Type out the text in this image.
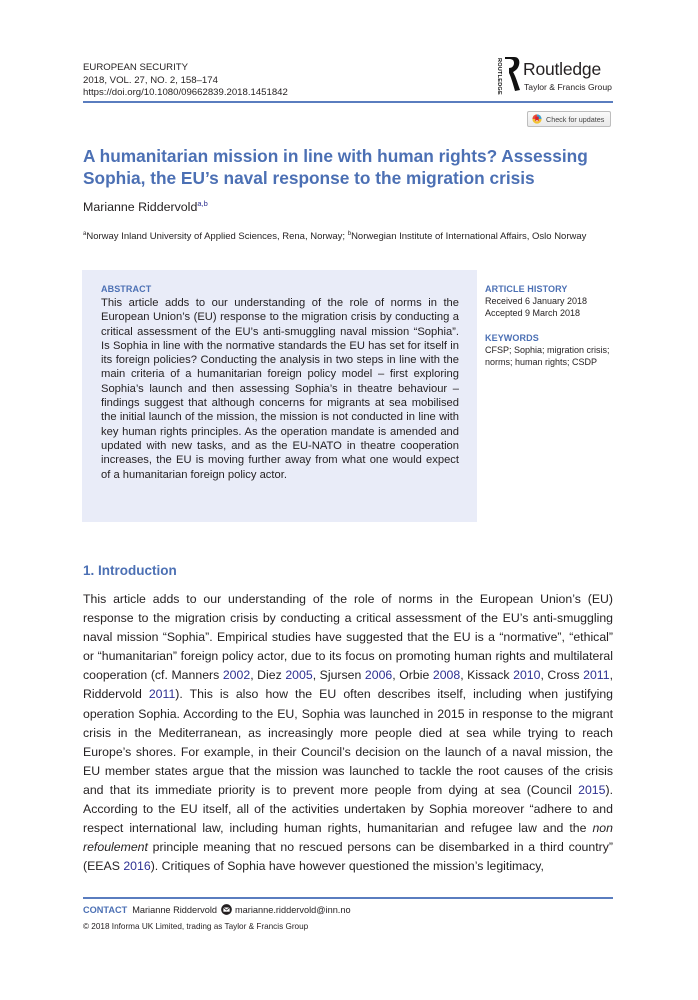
EUROPEAN SECURITY
2018, VOL. 27, NO. 2, 158–174
https://doi.org/10.1080/09662839.2018.1451842	ROUTLEDGE Routledge
Taylor & Francis Group
Check for updates
A humanitarian mission in line with human rights? Assessing Sophia, the EU’s naval response to the migration crisis
Marianne Riddervold$^{a,b}$
$^a$Norway Inland University of Applied Sciences, Rena, Norway; $^b$Norwegian Institute of International Affairs, Oslo Norway
ABSTRACT
This article adds to our understanding of the role of norms in the European Union’s (EU) response to the migration crisis by conducting a critical assessment of the EU’s anti-smuggling naval mission “Sophia”. Is Sophia in line with the normative standards the EU has set for itself in its foreign policies? Conducting the analysis in two steps in line with the main criteria of a humanitarian foreign policy model – first exploring Sophia’s launch and then assessing Sophia’s in theatre behaviour – findings suggest that although concerns for migrants at sea mobilised the initial launch of the mission, the mission is not conducted in line with key human rights principles. As the operation mandate is amended and updated with new tasks, and as the EU-NATO in theatre cooperation increases, the EU is moving further away from what one would expect of a humanitarian foreign policy actor.
ARTICLE HISTORY
Received 6 January 2018
Accepted 9 March 2018
KEYWORDS
CFSP; Sophia; migration crisis; norms; human rights; CSDP
1. Introduction
This article adds to our understanding of the role of norms in the European Union’s (EU) response to the migration crisis by conducting a critical assessment of the EU’s anti-smuggling naval mission “Sophia”. Empirical studies have suggested that the EU is a “normative”, “ethical” or “humanitarian” foreign policy actor, due to its focus on promoting human rights and multilateral cooperation (cf. Manners 2002, Diez 2005, Sjursen 2006, Orbie 2008, Kissack 2010, Cross 2011, Riddervold 2011). This is also how the EU often describes itself, including when justifying operation Sophia. According to the EU, Sophia was launched in 2015 in response to the migrant crisis in the Mediterranean, as increasingly more people died at sea while trying to reach Europe’s shores. For example, in their Council’s decision on the launch of a naval mission, the EU member states argue that the mission was launched to tackle the root causes of the crisis and that its immediate priority is to prevent more people from dying at sea (Council 2015). According to the EU itself, all of the activities undertaken by Sophia moreover “adhere to and respect international law, including human rights, humanitarian and refugee law and the non refoulement principle meaning that no rescued persons can be disembarked in a third country” (EEAS 2016). Critiques of Sophia have however questioned the mission’s legitimacy,
CONTACT Marianne Riddervold marianne.riddervold@inn.no
© 2018 Informa UK Limited, trading as Taylor & Francis Group
